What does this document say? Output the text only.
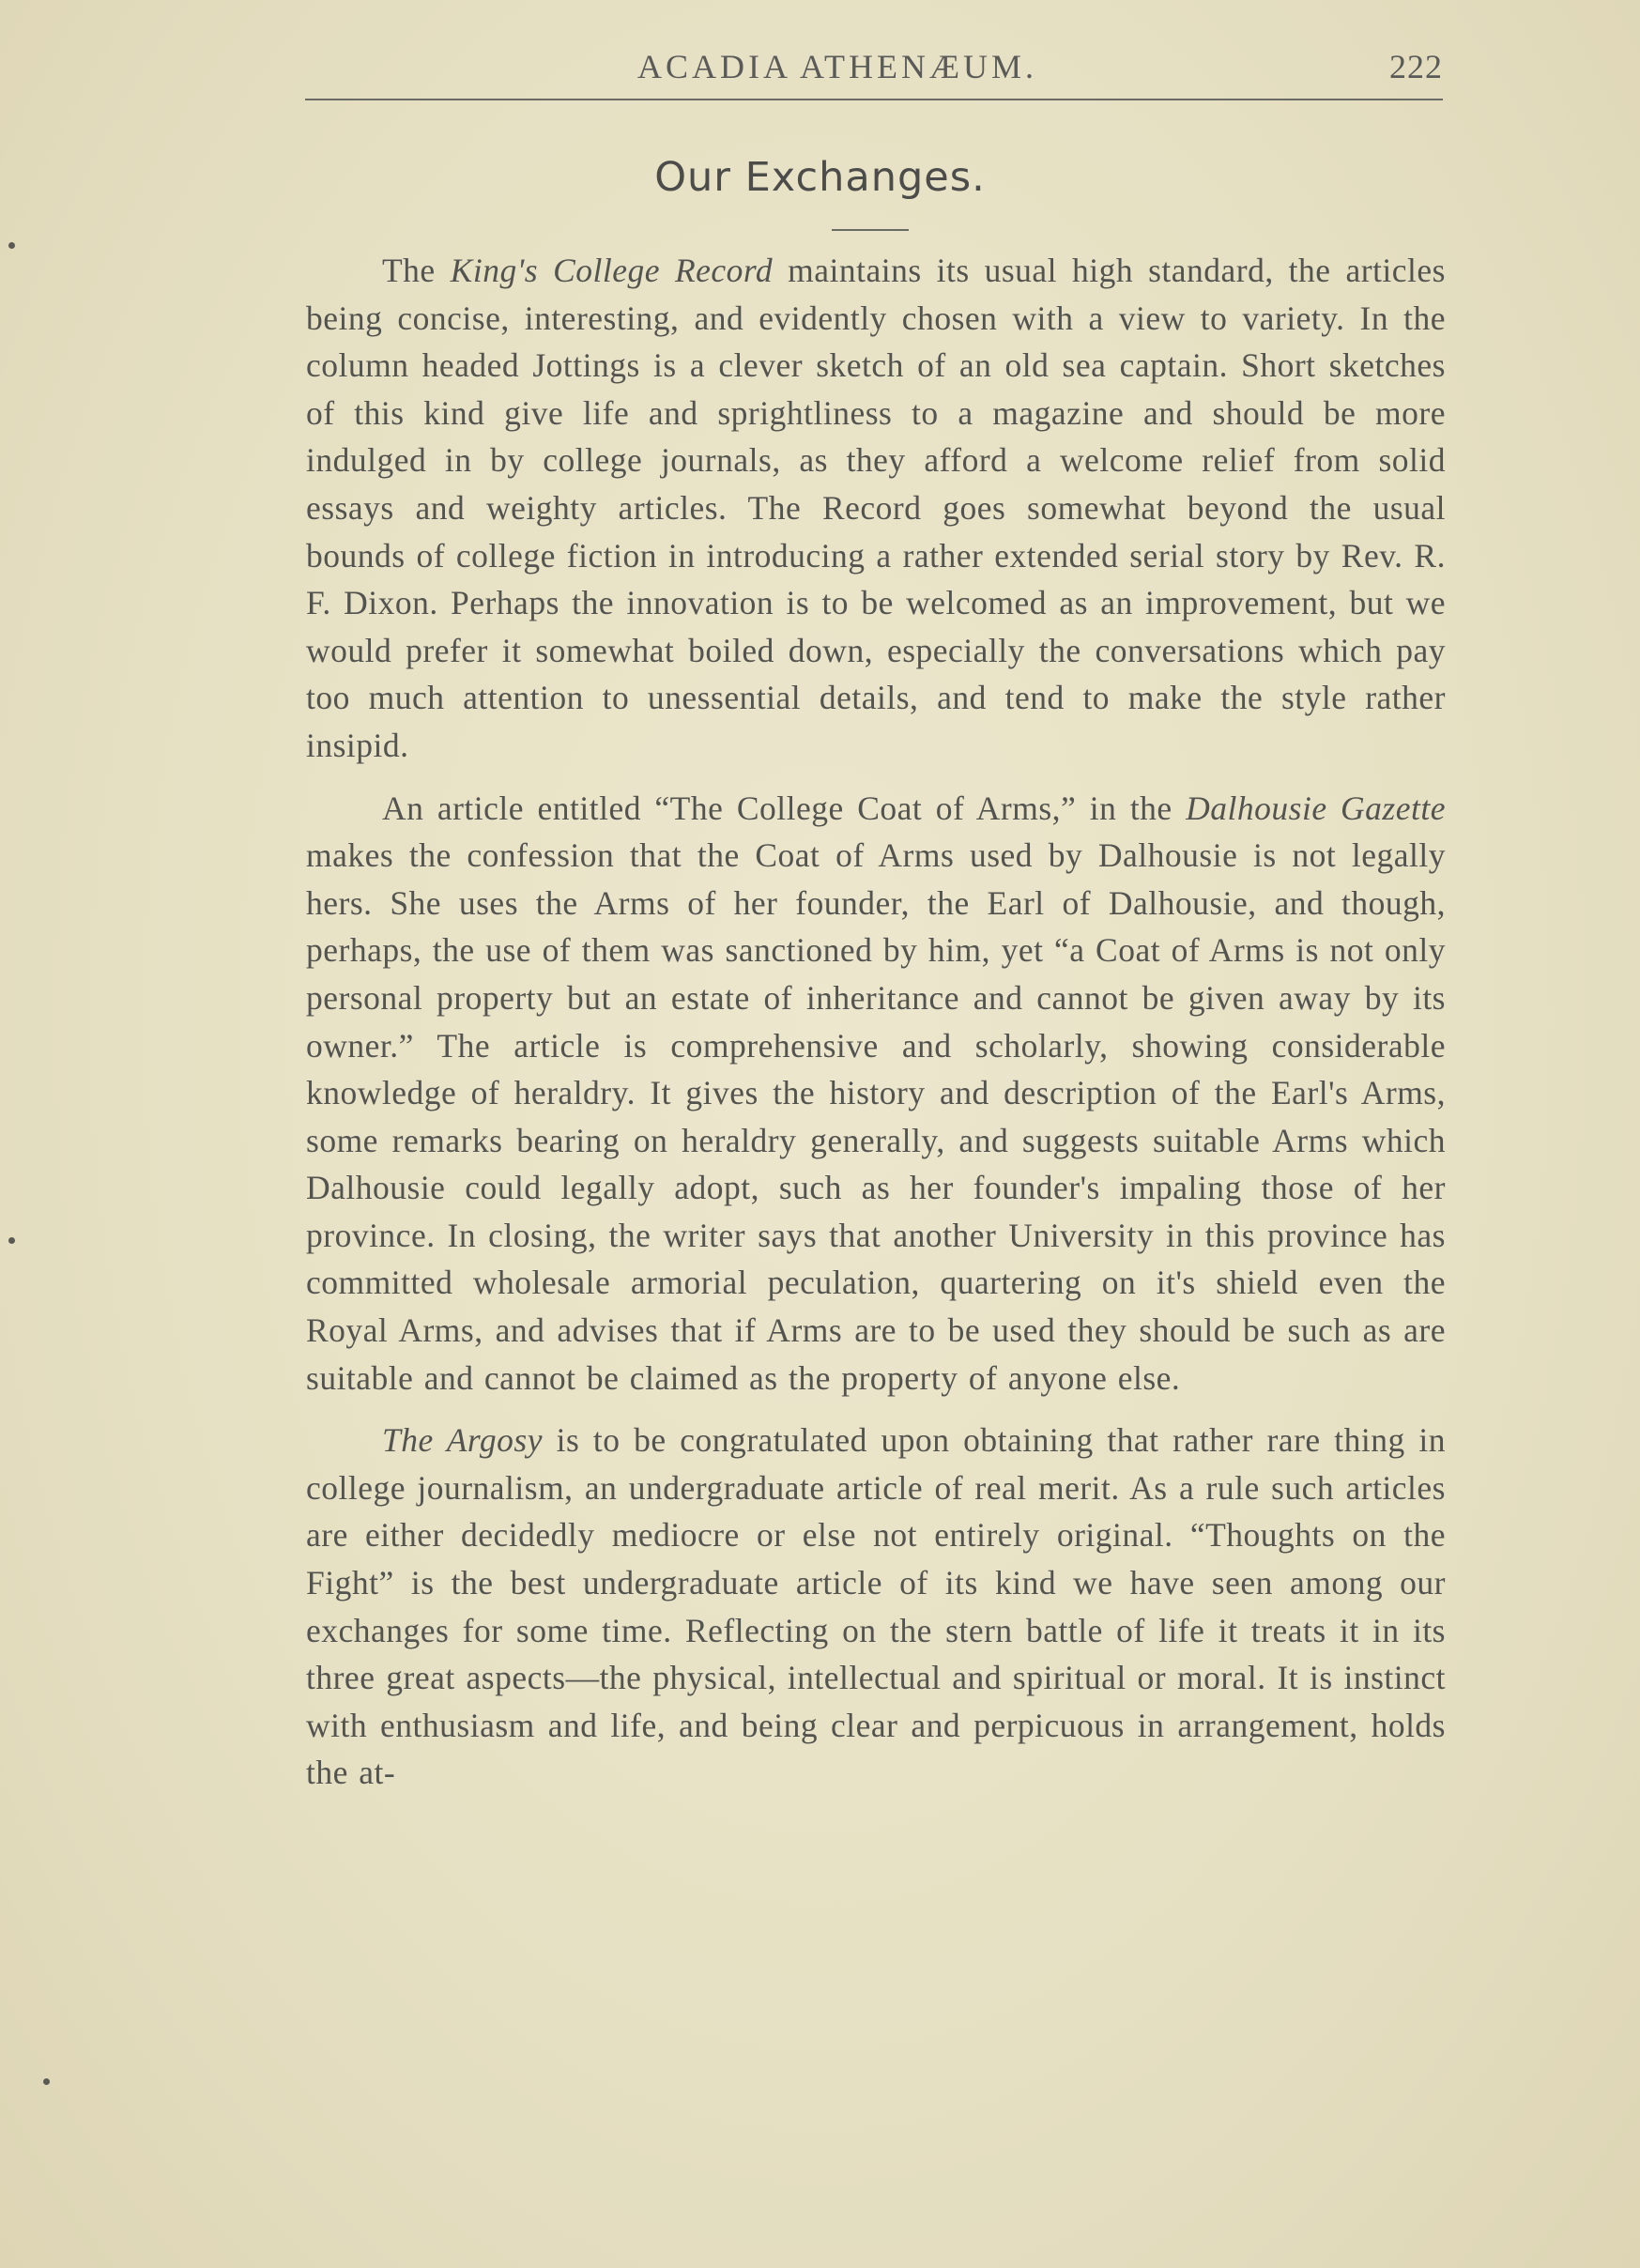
ACADIA ATHENÆUM.	222
Our Exchanges.

The King's College Record maintains its usual high standard, the articles being concise, interesting, and evidently chosen with a view to variety. In the column headed Jottings is a clever sketch of an old sea captain. Short sketches of this kind give life and sprightliness to a magazine and should be more indulged in by college journals, as they afford a welcome relief from solid essays and weighty articles. The Record goes somewhat beyond the usual bounds of college fiction in introducing a rather extended serial story by Rev. R. F. Dixon. Perhaps the innovation is to be welcomed as an improvement, but we would prefer it somewhat boiled down, especially the conversations which pay too much attention to unessential details, and tend to make the style rather insipid.

An article entitled “The College Coat of Arms,” in the Dalhousie Gazette makes the confession that the Coat of Arms used by Dalhousie is not legally hers. She uses the Arms of her founder, the Earl of Dalhousie, and though, perhaps, the use of them was sanctioned by him, yet “a Coat of Arms is not only personal property but an estate of inheritance and cannot be given away by its owner.” The article is comprehensive and scholarly, showing considerable knowledge of heraldry. It gives the history and description of the Earl's Arms, some remarks bearing on heraldry generally, and suggests suitable Arms which Dalhousie could legally adopt, such as her founder's impaling those of her province. In closing, the writer says that another University in this province has committed wholesale armorial peculation, quartering on it's shield even the Royal Arms, and advises that if Arms are to be used they should be such as are suitable and cannot be claimed as the property of anyone else.

The Argosy is to be congratulated upon obtaining that rather rare thing in college journalism, an undergraduate article of real merit. As a rule such articles are either decidedly mediocre or else not entirely original. “Thoughts on the Fight” is the best undergraduate article of its kind we have seen among our exchanges for some time. Reflecting on the stern battle of life it treats it in its three great aspects—the physical, intellectual and spiritual or moral. It is instinct with enthusiasm and life, and being clear and perpicuous in arrangement, holds the at-
